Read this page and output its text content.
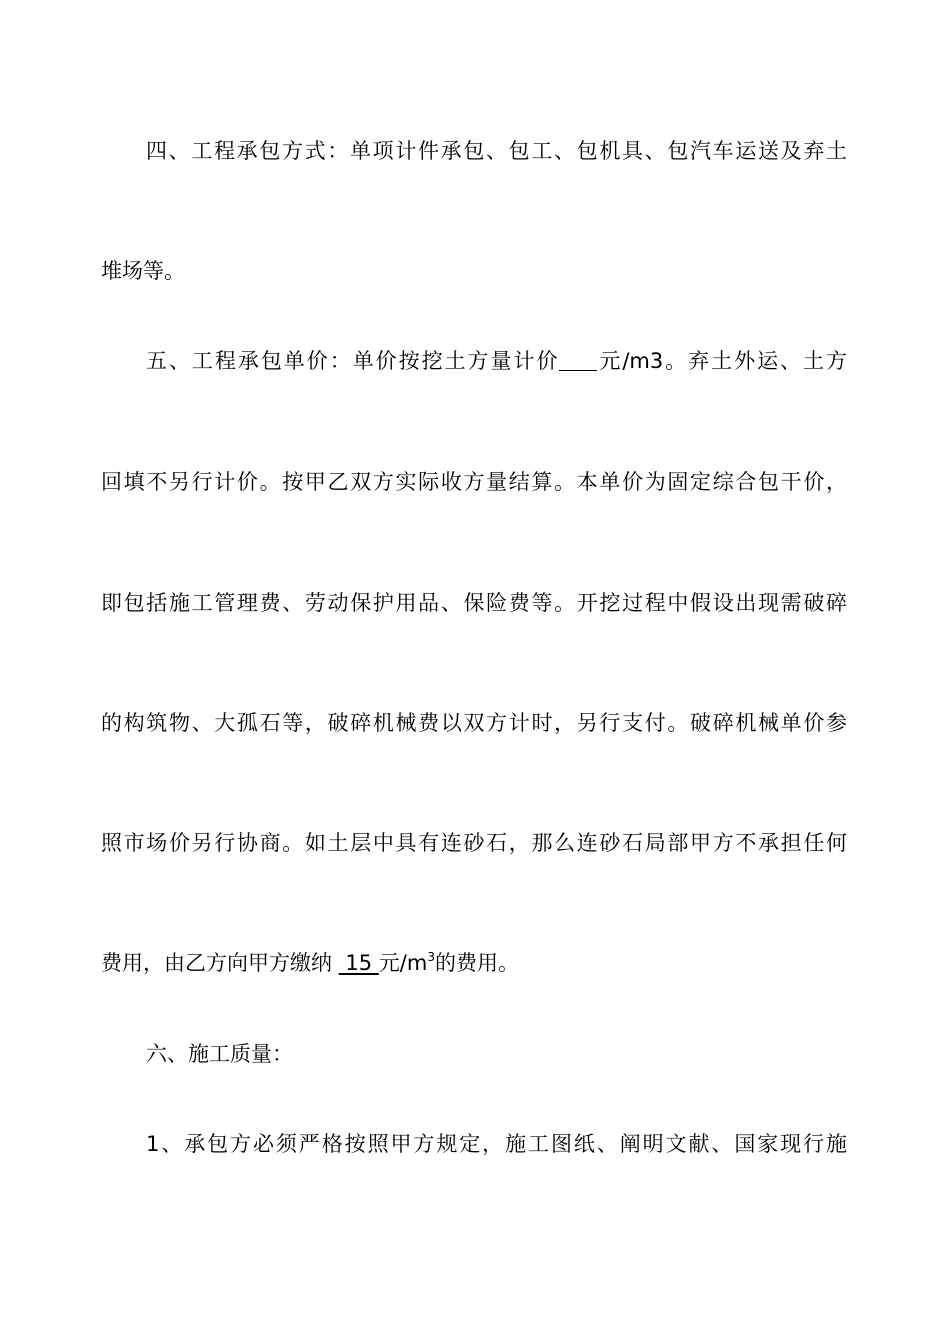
四、工程承包方式：单项计件承包、包工、包机具、包汽车运送及弃土
堆场等。
五、工程承包单价：单价按挖土方量计价 元/m3。弃土外运、土方
回填不另行计价。按甲乙双方实际收方量结算。本单价为固定综合包干价，
即包括施工管理费、劳动保护用品、保险费等。开挖过程中假设出现需破碎
的构筑物、大孤石等，破碎机械费以双方计时，另行支付。破碎机械单价参
照市场价另行协商。如土层中具有连砂石，那么连砂石局部甲方不承担任何
费用，由乙方向甲方缴纳 15 元$/m^3$的费用。
六、施工质量：
1、承包方必须严格按照甲方规定，施工图纸、阐明文献、国家现行施
